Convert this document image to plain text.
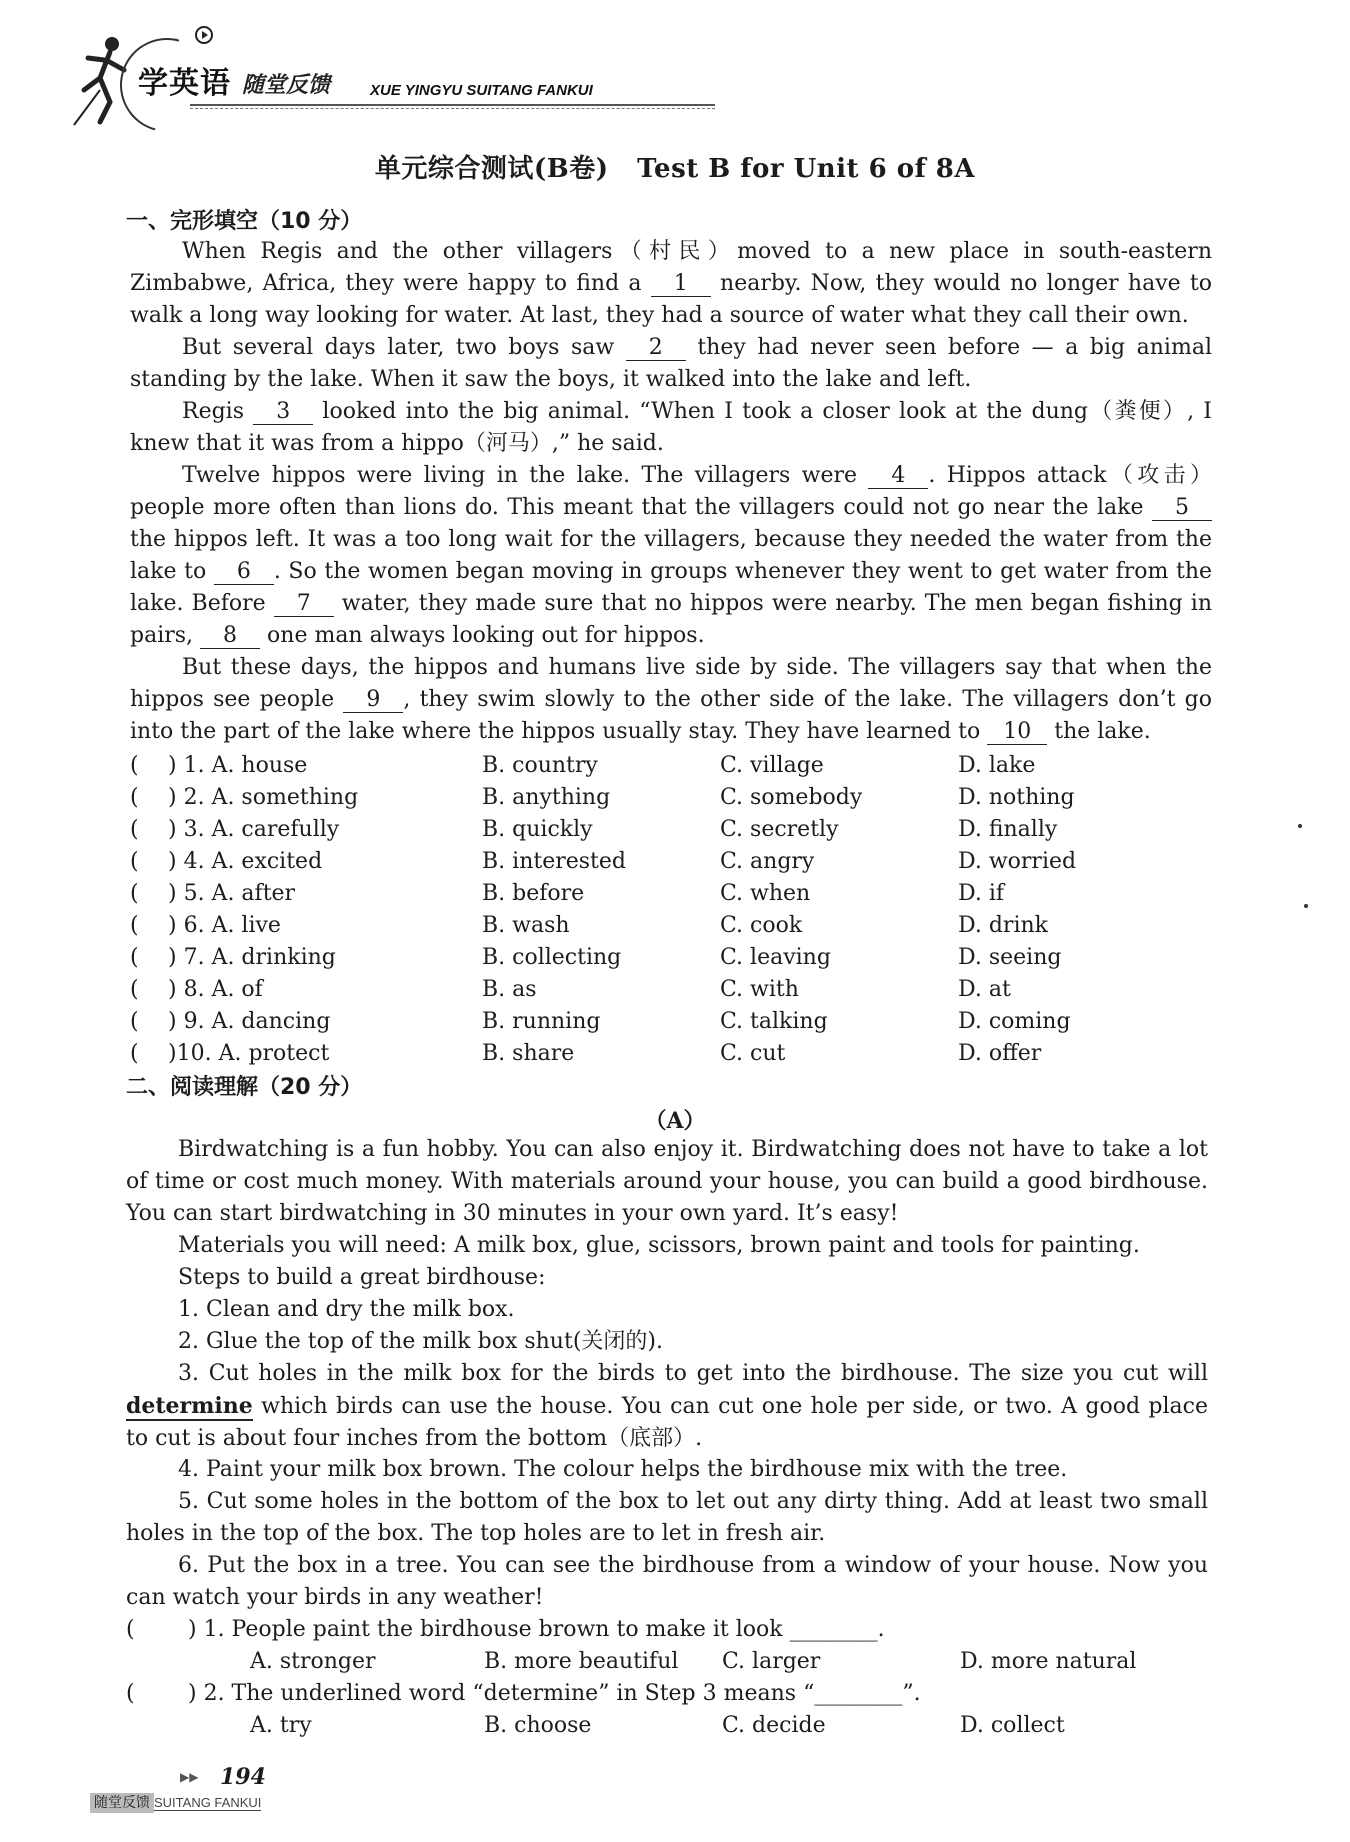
学英语 随堂反馈	XUE YINGYU SUITANG FANKUI
单元综合测试(B卷)   Test B for Unit 6 of 8A
一、完形填空（10 分）
When Regis and the other villagers（村民）moved to a new place in south-eastern Zimbabwe, Africa, they were happy to find a 1 nearby. Now, they would no longer have to walk a long way looking for water. At last, they had a source of water what they call their own.
But several days later, two boys saw 2 they had never seen before — a big animal standing by the lake. When it saw the boys, it walked into the lake and left.
Regis 3 looked into the big animal. “When I took a closer look at the dung（粪便）, I knew that it was from a hippo（河马）,” he said.
Twelve hippos were living in the lake. The villagers were 4 . Hippos attack（攻击）people more often than lions do. This meant that the villagers could not go near the lake 5 the hippos left. It was a too long wait for the villagers, because they needed the water from the lake to 6 . So the women began moving in groups whenever they went to get water from the lake. Before 7 water, they made sure that no hippos were nearby. The men began fishing in pairs, 8 one man always looking out for hippos.
But these days, the hippos and humans live side by side. The villagers say that when the hippos see people 9 , they swim slowly to the other side of the lake. The villagers don’t go into the part of the lake where the hippos usually stay. They have learned to 10 the lake.
( ) 1. A. house	B. country	C. village	D. lake
( ) 2. A. something	B. anything	C. somebody	D. nothing
( ) 3. A. carefully	B. quickly	C. secretly	D. finally
( ) 4. A. excited	B. interested	C. angry	D. worried
( ) 5. A. after	B. before	C. when	D. if
( ) 6. A. live	B. wash	C. cook	D. drink
( ) 7. A. drinking	B. collecting	C. leaving	D. seeing
( ) 8. A. of	B. as	C. with	D. at
( ) 9. A. dancing	B. running	C. talking	D. coming
( )10. A. protect	B. share	C. cut	D. offer
二、阅读理解（20 分）
（A）
Birdwatching is a fun hobby. You can also enjoy it. Birdwatching does not have to take a lot of time or cost much money. With materials around your house, you can build a good birdhouse. You can start birdwatching in 30 minutes in your own yard. It’s easy!
Materials you will need: A milk box, glue, scissors, brown paint and tools for painting.
Steps to build a great birdhouse:
1. Clean and dry the milk box.
2. Glue the top of the milk box shut(关闭的).
3. Cut holes in the milk box for the birds to get into the birdhouse. The size you cut will determine which birds can use the house. You can cut one hole per side, or two. A good place to cut is about four inches from the bottom（底部）.
4. Paint your milk box brown. The colour helps the birdhouse mix with the tree.
5. Cut some holes in the bottom of the box to let out any dirty thing. Add at least two small holes in the top of the box. The top holes are to let in fresh air.
6. Put the box in a tree. You can see the birdhouse from a window of your house. Now you can watch your birds in any weather!
( ) 1. People paint the birdhouse brown to make it look ________.
A. stronger	B. more beautiful C. larger	D. more natural
( ) 2. The underlined word “determine” in Step 3 means “________”.
A. try	B. choose	C. decide	D. collect
▶▶ 194
随堂反馈 SUITANG FANKUI
